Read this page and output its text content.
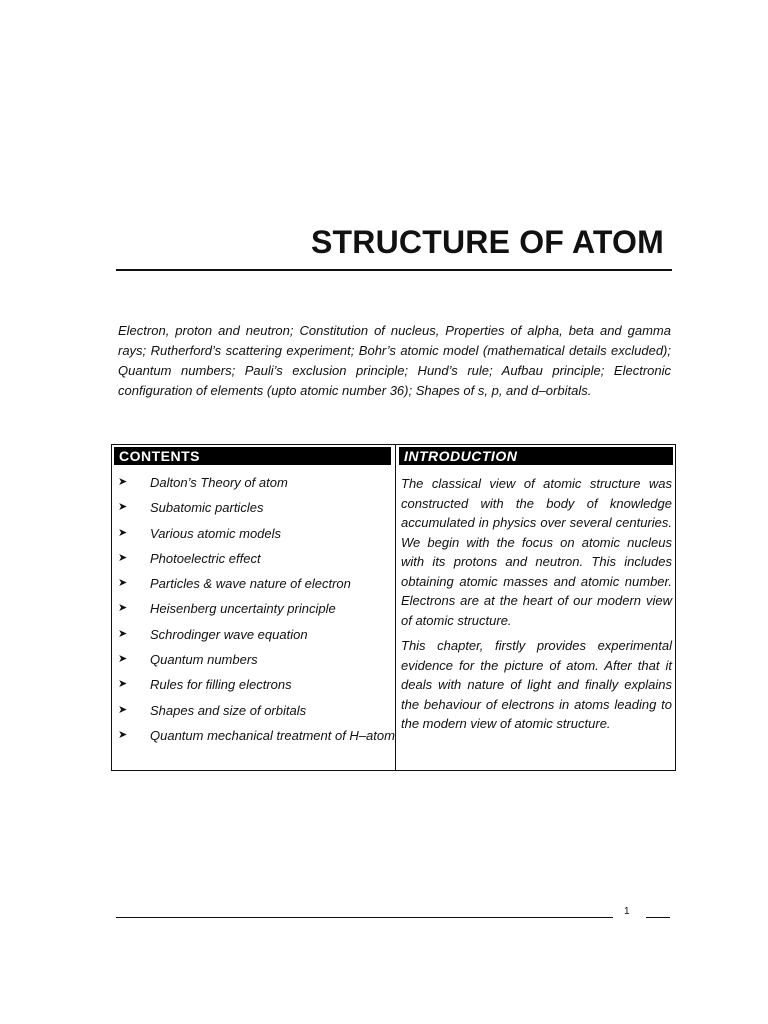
STRUCTURE OF ATOM

Electron, proton and neutron; Constitution of nucleus, Properties of alpha, beta and gamma rays; Rutherford’s scattering experiment; Bohr’s atomic model (mathematical details excluded); Quantum numbers; Pauli’s exclusion principle; Hund’s rule; Aufbau principle; Electronic configuration of elements (upto atomic number 36); Shapes of s, p, and d–orbitals.

CONTENTS	INTRODUCTION
➤ Dalton’s Theory of atom
➤ Subatomic particles
➤ Various atomic models
➤ Photoelectric effect
➤ Particles & wave nature of electron
➤ Heisenberg uncertainty principle
➤ Schrodinger wave equation
➤ Quantum numbers
➤ Rules for filling electrons
➤ Shapes and size of orbitals
➤ Quantum mechanical treatment of H–atom

The classical view of atomic structure was constructed with the body of knowledge accumulated in physics over several centuries. We begin with the focus on atomic nucleus with its protons and neutron. This includes obtaining atomic masses and atomic number. Electrons are at the heart of our modern view of atomic structure.

This chapter, firstly provides experimental evidence for the picture of atom. After that it deals with nature of light and finally explains the behaviour of electrons in atoms leading to the modern view of atomic structure.

1
